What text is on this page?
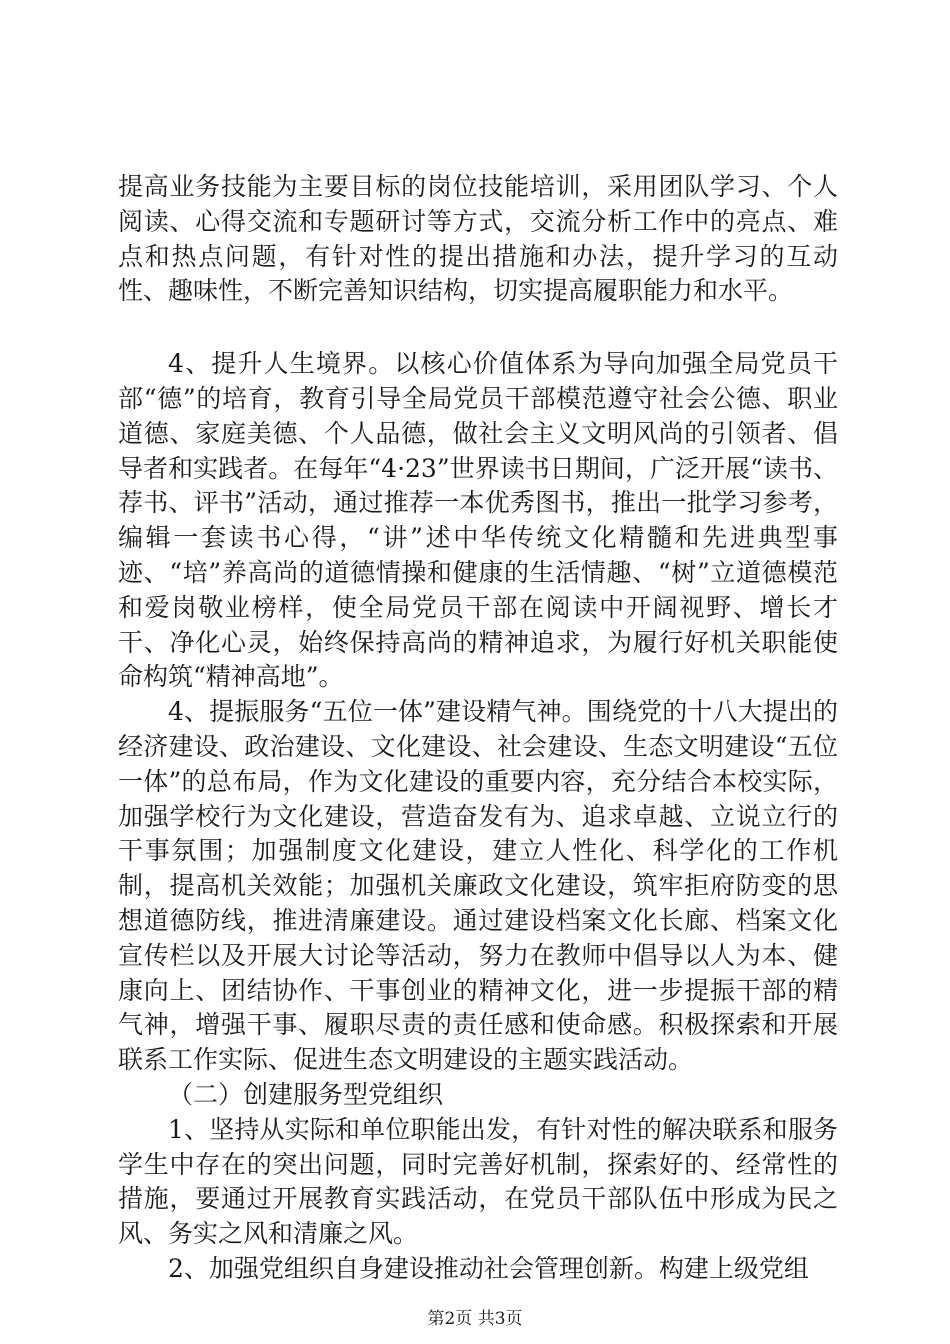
提高业务技能为主要目标的岗位技能培训，采用团队学习、个人阅读、心得交流和专题研讨等方式，交流分析工作中的亮点、难点和热点问题，有针对性的提出措施和办法，提升学习的互动性、趣味性，不断完善知识结构，切实提高履职能力和水平。

4、提升人生境界。以核心价值体系为导向加强全局党员干部“德”的培育，教育引导全局党员干部模范遵守社会公德、职业道德、家庭美德、个人品德，做社会主义文明风尚的引领者、倡导者和实践者。在每年“4·23”世界读书日期间，广泛开展“读书、荐书、评书”活动，通过推荐一本优秀图书，推出一批学习参考，编辑一套读书心得，“讲”述中华传统文化精髓和先进典型事迹、“培”养高尚的道德情操和健康的生活情趣、“树”立道德模范和爱岗敬业榜样，使全局党员干部在阅读中开阔视野、增长才干、净化心灵，始终保持高尚的精神追求，为履行好机关职能使命构筑“精神高地”。

4、提振服务“五位一体”建设精气神。围绕党的十八大提出的经济建设、政治建设、文化建设、社会建设、生态文明建设“五位一体”的总布局，作为文化建设的重要内容，充分结合本校实际，加强学校行为文化建设，营造奋发有为、追求卓越、立说立行的干事氛围；加强制度文化建设，建立人性化、科学化的工作机制，提高机关效能；加强机关廉政文化建设，筑牢拒府防变的思想道德防线，推进清廉建设。通过建设档案文化长廊、档案文化宣传栏以及开展大讨论等活动，努力在教师中倡导以人为本、健康向上、团结协作、干事创业的精神文化，进一步提振干部的精气神，增强干事、履职尽责的责任感和使命感。积极探索和开展联系工作实际、促进生态文明建设的主题实践活动。

（二）创建服务型党组织

1、坚持从实际和单位职能出发，有针对性的解决联系和服务学生中存在的突出问题，同时完善好机制，探索好的、经常性的措施，要通过开展教育实践活动，在党员干部队伍中形成为民之风、务实之风和清廉之风。

2、加强党组织自身建设推动社会管理创新。构建上级党组

第2页 共3页
